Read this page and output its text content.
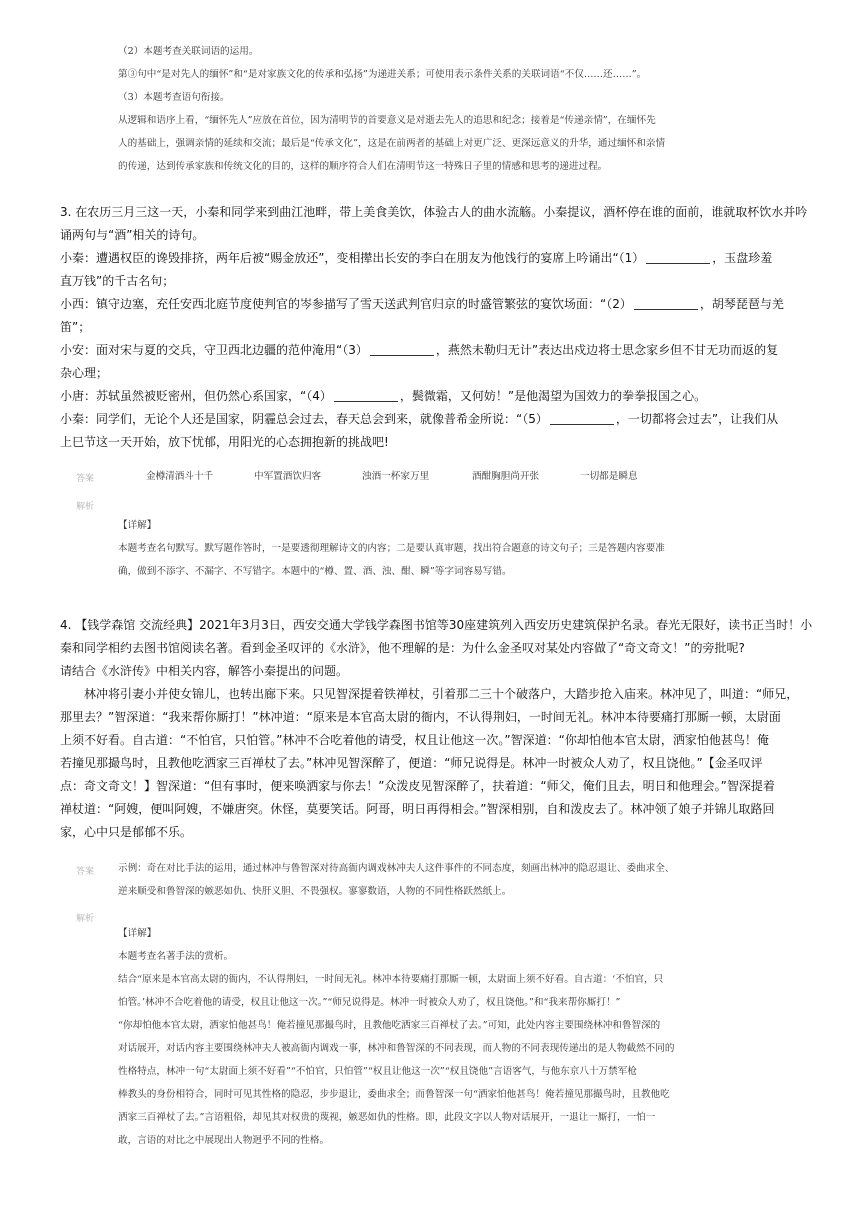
（2）本题考查关联词语的运用。
第③句中“是对先人的缅怀”和“是对家族文化的传承和弘扬”为递进关系；可使用表示条件关系的关联词语“不仅……还……”。
（3）本题考查语句衔接。
从逻辑和语序上看，“缅怀先人”应放在首位，因为清明节的首要意义是对逝去先人的追思和纪念；接着是“传递亲情”，在缅怀先
人的基础上，强调亲情的延续和交流；最后是“传承文化”，这是在前两者的基础上对更广泛、更深远意义的升华，通过缅怀和亲情
的传递，达到传承家族和传统文化的目的，这样的顺序符合人们在清明节这一特殊日子里的情感和思考的递进过程。
3. 在农历三月三这一天，小秦和同学来到曲江池畔，带上美食美饮，体验古人的曲水流觞。小秦提议，酒杯停在谁的面前，谁就取杯饮水并吟
诵两句与“酒”相关的诗句。
小秦：遭遇权臣的谗毁排挤，两年后被“赐金放还”，变相撵出长安的李白在朋友为他饯行的宴席上吟诵出“（1）	，玉盘珍羞
直万钱”的千古名句；
小西：镇守边塞，充任安西北庭节度使判官的岑参描写了雪天送武判官归京的时盛管繁弦的宴饮场面：“（2）	，胡琴琵琶与羌
笛”；
小安：面对宋与夏的交兵，守卫西北边疆的范仲淹用“（3）	，燕然未勒归无计”表达出戍边将士思念家乡但不甘无功而返的复
杂心理；
小唐：苏轼虽然被贬密州，但仍然心系国家，“（4）	，鬓微霜，又何妨！”是他渴望为国效力的拳拳报国之心。
小秦：同学们，无论个人还是国家，阴霾总会过去，春天总会到来，就像普希金所说：“（5）	，一切都将会过去”，让我们从
上巳节这一天开始，放下忧郁，用阳光的心态拥抱新的挑战吧!
答案	金樽清酒斗十千	中军置酒饮归客	浊酒一杯家万里	酒酣胸胆尚开张	一切都是瞬息
解析
【详解】
本题考查名句默写。默写题作答时，一是要透彻理解诗文的内容；二是要认真审题，找出符合题意的诗文句子；三是答题内容要准
确，做到不添字、不漏字、不写错字。本题中的“樽、置、酒、浊、酣、瞬”等字词容易写错。
4. 【钱学森馆 交流经典】2021年3月3日，西安交通大学钱学森图书馆等30座建筑列入西安历史建筑保护名录。春光无限好，读书正当时！小
秦和同学相约去图书馆阅读名著。看到金圣叹评的《水浒》，他不理解的是：为什么金圣叹对某处内容做了“奇文奇文！”的旁批呢?
请结合《水浒传》中相关内容，解答小秦提出的问题。
林冲将引妻小并使女锦儿，也转出廊下来。只见智深提着铁禅杖，引着那二三十个破落户，大踏步抢入庙来。林冲见了，叫道：“师兄，
那里去？”智深道：“我来帮你厮打！”林冲道：“原来是本官高太尉的衙内，不认得荆妇，一时间无礼。林冲本待要痛打那厮一顿，太尉面
上须不好看。自古道：“不怕官，只怕管。”林冲不合吃着他的请受，权且让他这一次。”智深道：“你却怕他本官太尉，洒家怕他甚鸟！俺
若撞见那撮鸟时，且教他吃洒家三百禅杖了去。”林冲见智深醉了，便道：“师兄说得是。林冲一时被众人劝了，权且饶他。”【金圣叹评
点：奇文奇文！】智深道：“但有事时，便来唤洒家与你去！”众泼皮见智深醉了，扶着道：“师父，俺们且去，明日和他理会。”智深提着
禅杖道：“阿嫂，便叫阿嫂，不嫌唐突。休怪，莫要笑话。阿哥，明日再得相会。”智深相别，自和泼皮去了。林冲领了娘子并锦儿取路回
家，心中只是郁郁不乐。
答案 示例：奇在对比手法的运用，通过林冲与鲁智深对待高衙内调戏林冲夫人这件事件的不同态度，刻画出林冲的隐忍退让、委曲求全、
逆来顺受和鲁智深的嫉恶如仇、快肝义胆、不畏强权。寥寥数语，人物的不同性格跃然纸上。
解析
【详解】
本题考查名著手法的赏析。
结合“原来是本官高太尉的衙内，不认得荆妇，一时间无礼。林冲本待要痛打那厮一顿，太尉面上须不好看。自古道：‘不怕官，只
怕管。’林冲不合吃着他的请受，权且让他这一次。”“师兄说得是。林冲一时被众人劝了，权且饶他。”和“我来帮你厮打！”
“你却怕他本官太尉，洒家怕他甚鸟！俺若撞见那撮鸟时，且教他吃洒家三百禅杖了去。”可知，此处内容主要围绕林冲和鲁智深的
对话展开，对话内容主要围绕林冲夫人被高衙内调戏一事，林冲和鲁智深的不同表现，而人物的不同表现传递出的是人物截然不同的
性格特点，林冲一句“太尉面上须不好看”“不怕官，只怕管”“权且让他这一次”“权且饶他”言语客气，与他东京八十万禁军枪
棒教头的身份相符合，同时可见其性格的隐忍，步步退让，委曲求全；而鲁智深一句“洒家怕他甚鸟！俺若撞见那撮鸟时，且教他吃
洒家三百禅杖了去。”言语粗俗，却见其对权贵的蔑视，嫉恶如仇的性格。即，此段文字以人物对话展开，一退让一厮打，一怕一
敢，言语的对比之中展现出人物迥乎不同的性格。
